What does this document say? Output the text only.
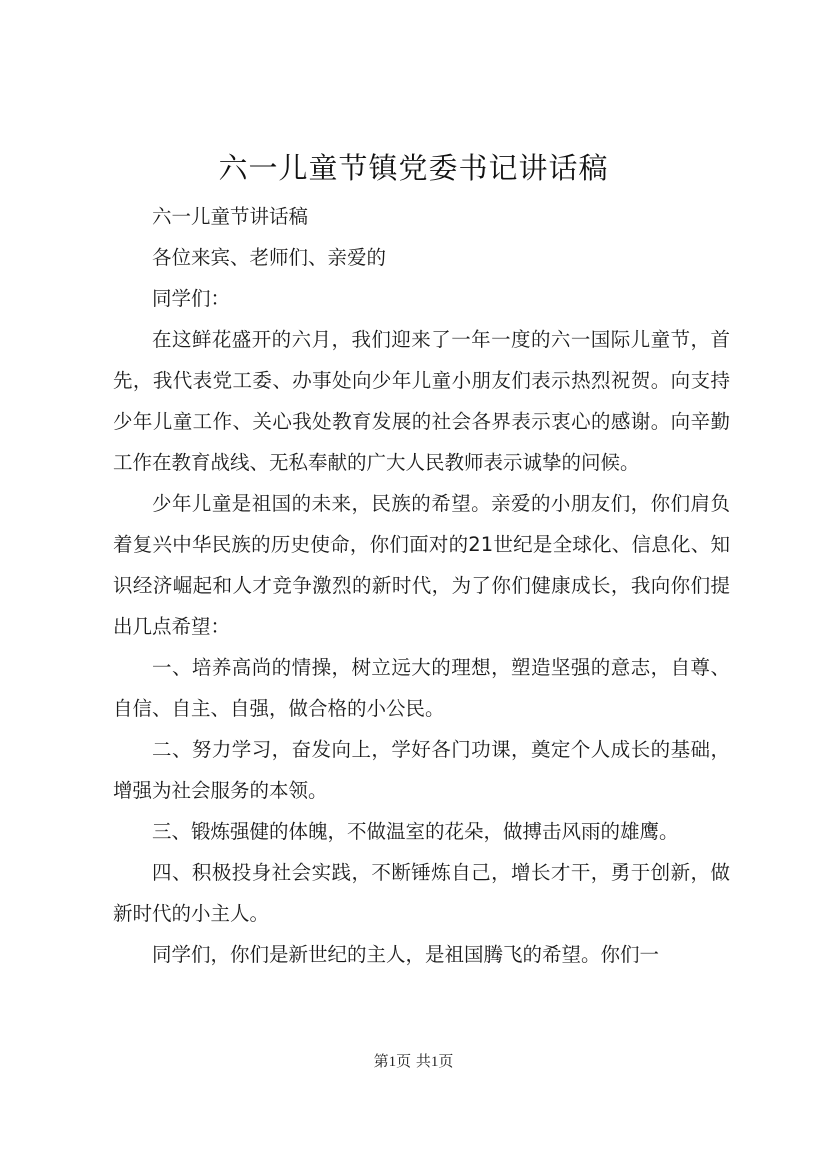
六一儿童节镇党委书记讲话稿

六一儿童节讲话稿

各位来宾、老师们、亲爱的

同学们：

在这鲜花盛开的六月，我们迎来了一年一度的六一国际儿童节，首先，我代表党工委、办事处向少年儿童小朋友们表示热烈祝贺。向支持少年儿童工作、关心我处教育发展的社会各界表示衷心的感谢。向辛勤工作在教育战线、无私奉献的广大人民教师表示诚挚的问候。

少年儿童是祖国的未来，民族的希望。亲爱的小朋友们，你们肩负着复兴中华民族的历史使命，你们面对的21世纪是全球化、信息化、知识经济崛起和人才竞争激烈的新时代，为了你们健康成长，我向你们提出几点希望：

一、培养高尚的情操，树立远大的理想，塑造坚强的意志，自尊、自信、自主、自强，做合格的小公民。

二、努力学习，奋发向上，学好各门功课，奠定个人成长的基础，增强为社会服务的本领。

三、锻炼强健的体魄，不做温室的花朵，做搏击风雨的雄鹰。

四、积极投身社会实践，不断锤炼自己，增长才干，勇于创新，做新时代的小主人。

同学们，你们是新世纪的主人，是祖国腾飞的希望。你们一

第1页 共1页
